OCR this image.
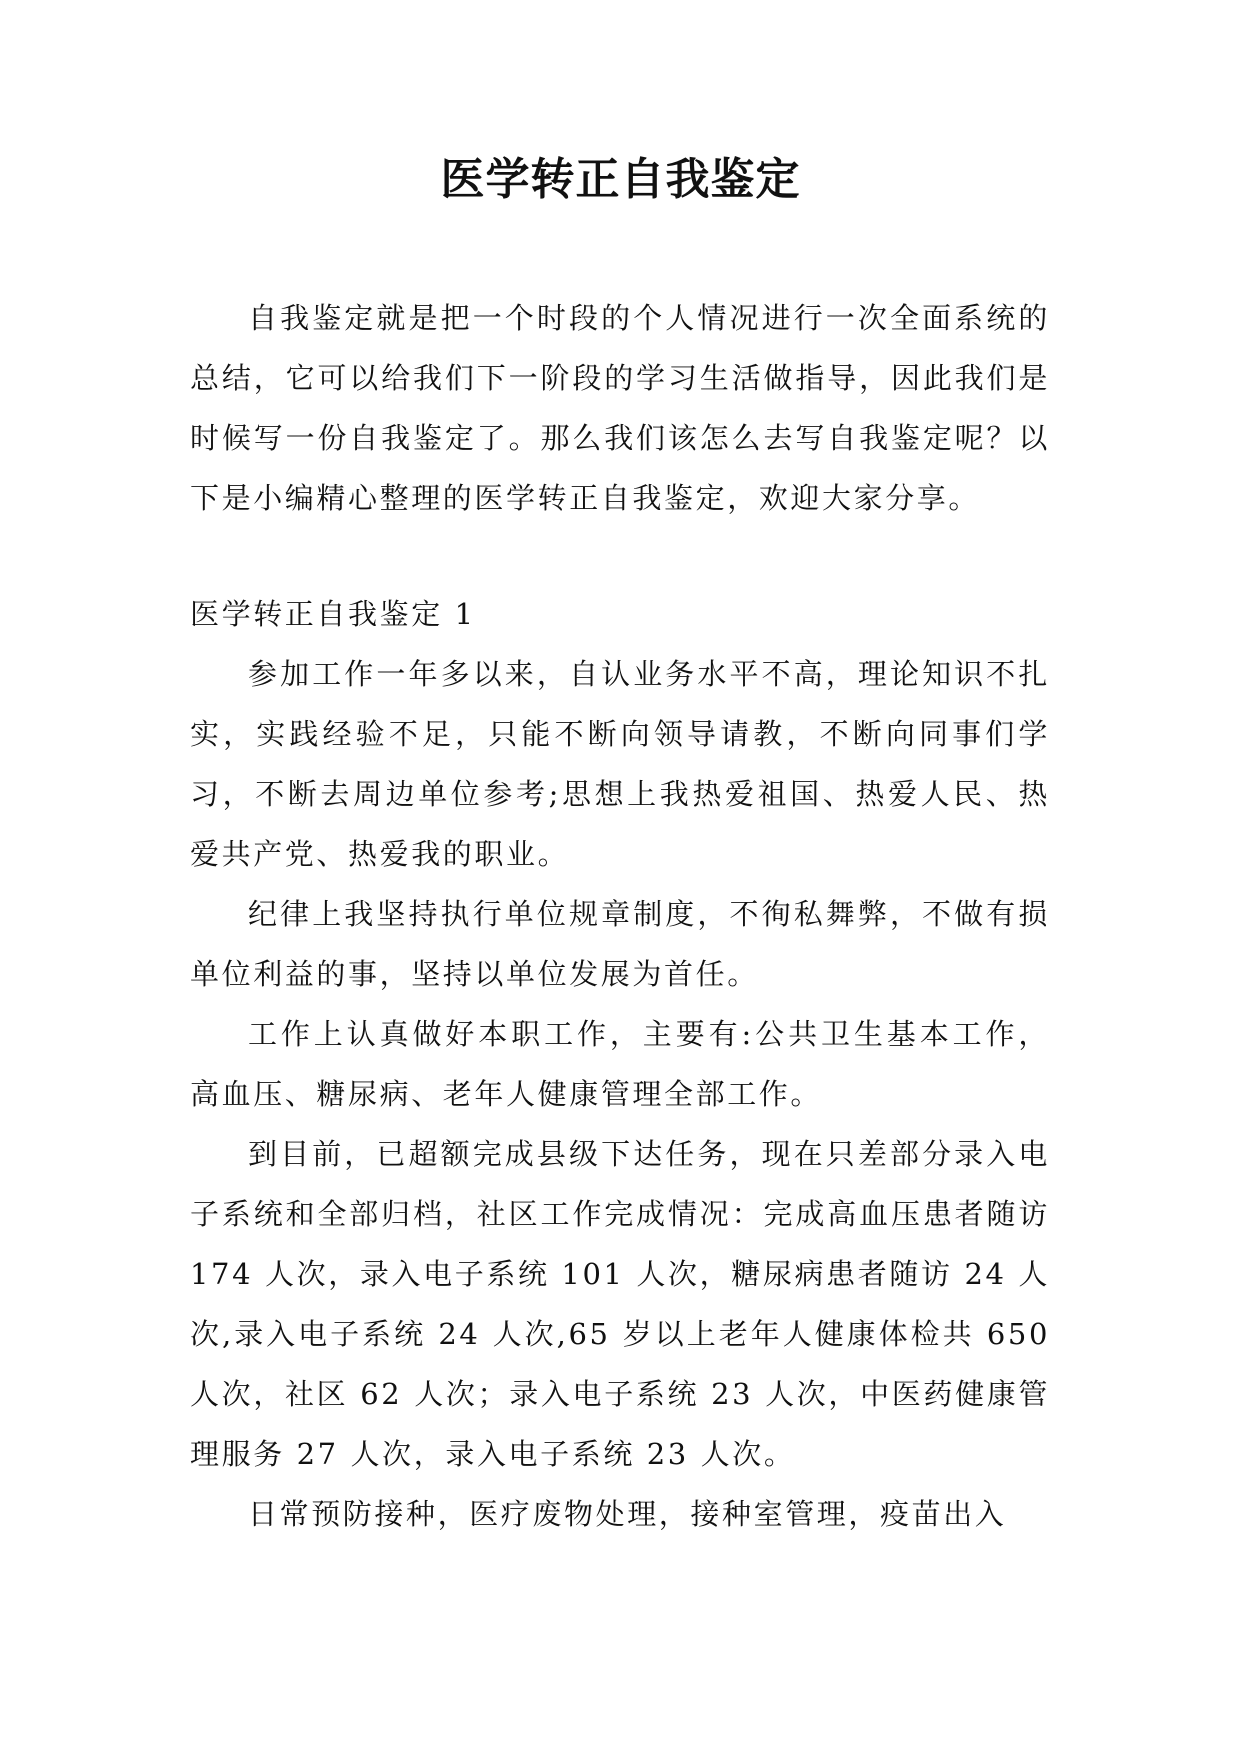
医学转正自我鉴定

自我鉴定就是把一个时段的个人情况进行一次全面系统的总结，它可以给我们下一阶段的学习生活做指导，因此我们是时候写一份自我鉴定了。那么我们该怎么去写自我鉴定呢？以下是小编精心整理的医学转正自我鉴定，欢迎大家分享。

医学转正自我鉴定 1

参加工作一年多以来，自认业务水平不高，理论知识不扎实，实践经验不足，只能不断向领导请教，不断向同事们学习，不断去周边单位参考;思想上我热爱祖国、热爱人民、热爱共产党、热爱我的职业。

纪律上我坚持执行单位规章制度，不徇私舞弊，不做有损单位利益的事，坚持以单位发展为首任。

工作上认真做好本职工作，主要有:公共卫生基本工作，高血压、糖尿病、老年人健康管理全部工作。

到目前，已超额完成县级下达任务，现在只差部分录入电子系统和全部归档，社区工作完成情况：完成高血压患者随访 174 人次，录入电子系统 101 人次，糖尿病患者随访 24 人次,录入电子系统 24 人次,65 岁以上老年人健康体检共 650 人次，社区 62 人次；录入电子系统 23 人次，中医药健康管理服务 27 人次，录入电子系统 23 人次。

日常预防接种，医疗废物处理，接种室管理，疫苗出入
